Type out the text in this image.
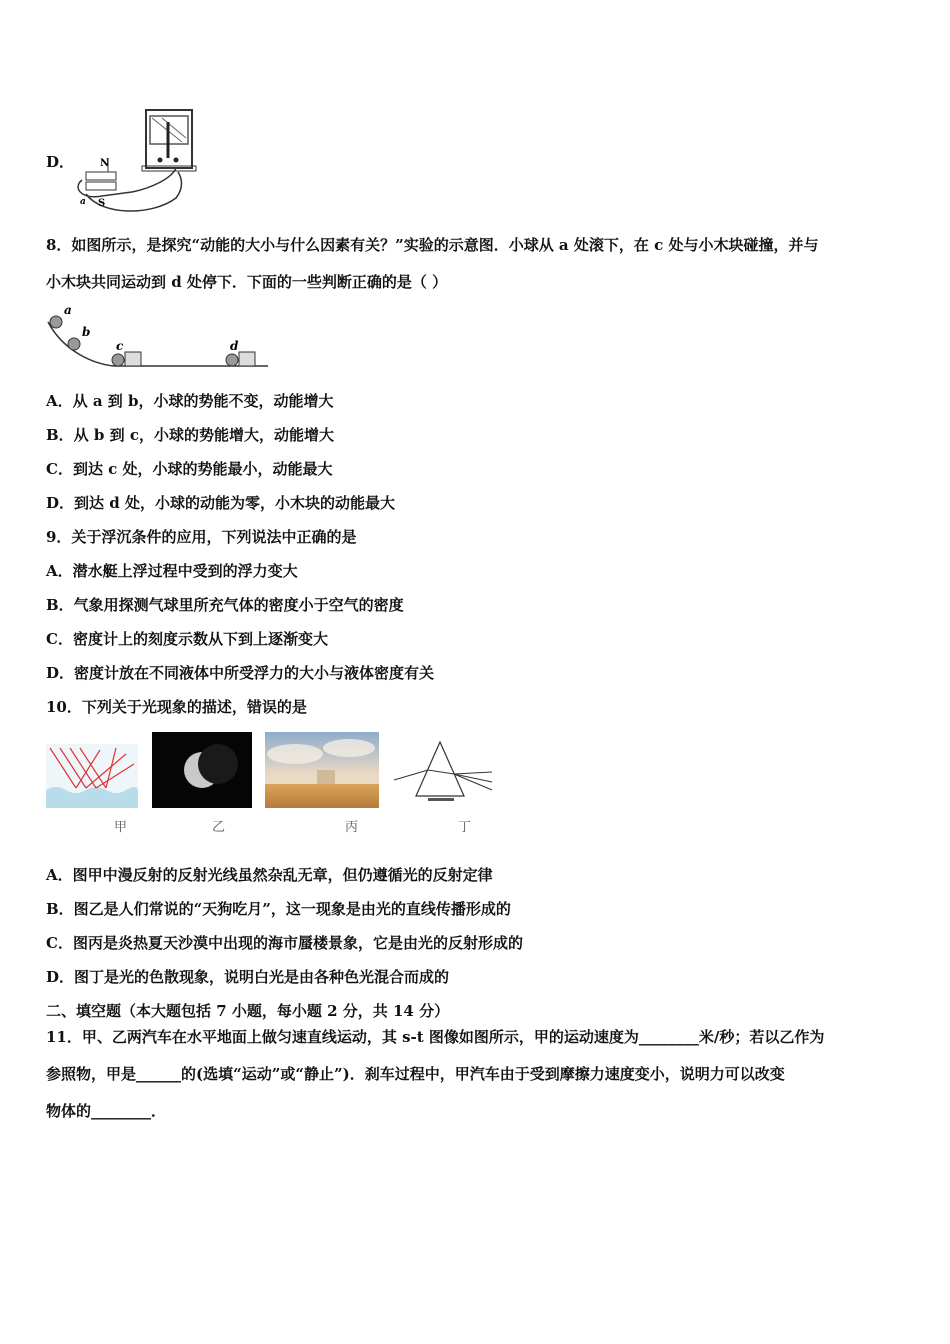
D．	N
S
a
8．如图所示，是探究“动能的大小与什么因素有关？”实验的示意图．小球从 a 处滚下，在 c 处与小木块碰撞，并与
小木块共同运动到 d 处停下．下面的一些判断正确的是（ ）
a
b
c	d
A．从 a 到 b，小球的势能不变，动能增大
B．从 b 到 c，小球的势能增大，动能增大
C．到达 c 处，小球的势能最小，动能最大
D．到达 d 处，小球的动能为零，小木块的动能最大
9．关于浮沉条件的应用，下列说法中正确的是
A．潜水艇上浮过程中受到的浮力变大
B．气象用探测气球里所充气体的密度小于空气的密度
C．密度计上的刻度示数从下到上逐渐变大
D．密度计放在不同液体中所受浮力的大小与液体密度有关
10．下列关于光现象的描述，错误的是
甲	乙	丙	丁
A．图甲中漫反射的反射光线虽然杂乱无章，但仍遵循光的反射定律
B．图乙是人们常说的“天狗吃月”，这一现象是由光的直线传播形成的
C．图丙是炎热夏天沙漠中出现的海市蜃楼景象，它是由光的反射形成的
D．图丁是光的色散现象，说明白光是由各种色光混合而成的
二、填空题（本大题包括 7 小题，每小题 2 分，共 14 分）
11．甲、乙两汽车在水平地面上做匀速直线运动，其 s-t 图像如图所示，甲的运动速度为________米/秒；若以乙作为
参照物，甲是______的(选填“运动”或“静止”)．刹车过程中，甲汽车由于受到摩擦力速度变小，说明力可以改变
物体的________．
